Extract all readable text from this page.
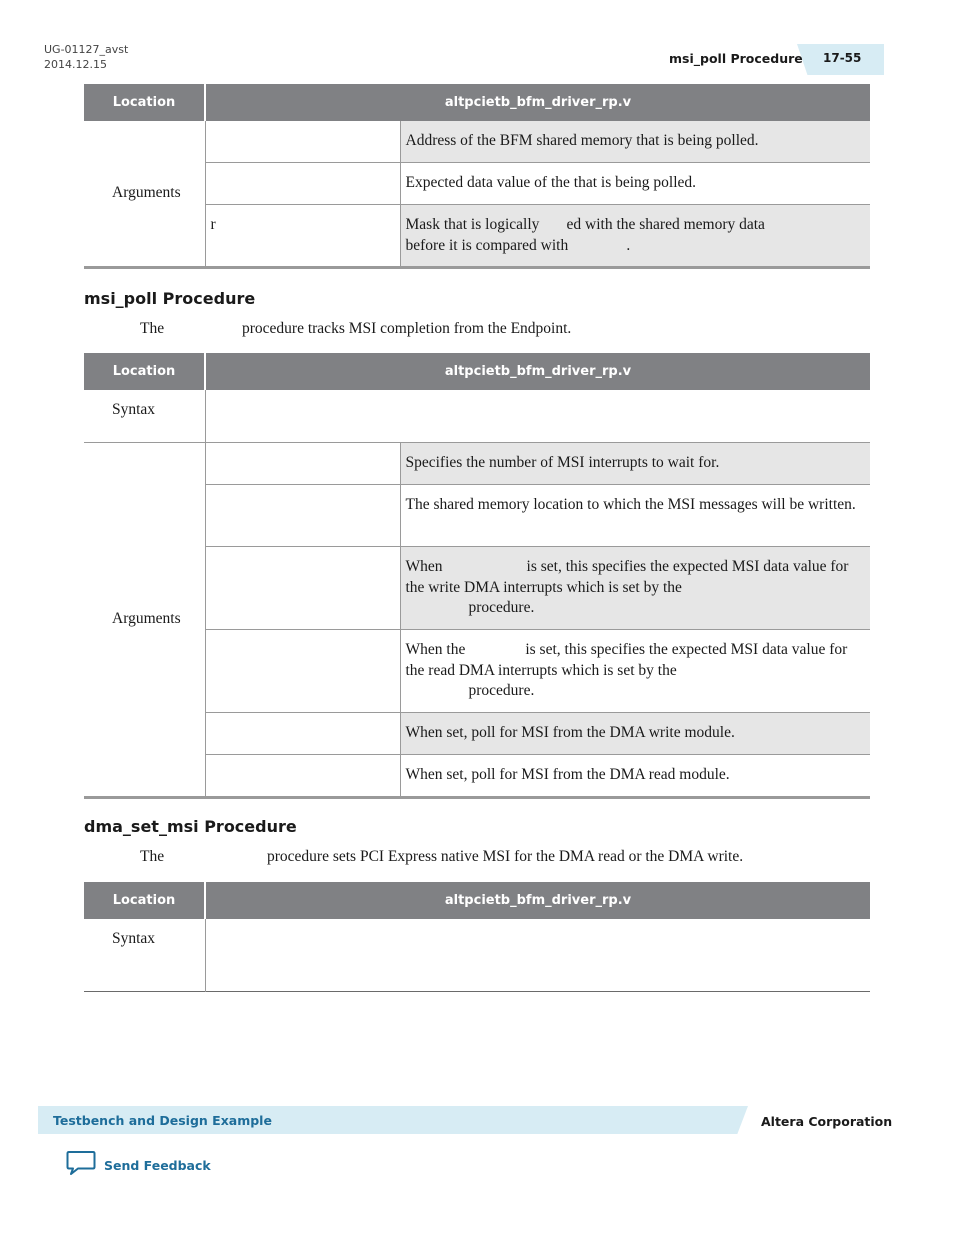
UG-01127_avst
2014.12.15	msi_poll Procedure 17-55
Location	altpcietb_bfm_driver_rp.v	
Arguments		Address of the BFM shared memory that is being polled.
		Expected data value of the that is being polled.
	r	Mask that is logically       ed with the shared memory data
before it is compared with               .
msi_poll Procedure
The	procedure tracks MSI completion from the Endpoint.
Location	altpcietb_bfm_driver_rp.v	
Syntax		
Arguments		Specifies the number of MSI interrupts to wait for.
		The shared memory location to which the MSI messages will be written.
		When is set, this specifies the expected MSI data value for the write DMA interrupts which is set by the
procedure.
		When the is set, this specifies the expected MSI data value for the read DMA interrupts which is set by the
procedure.
		When set, poll for MSI from the DMA write module.
		When set, poll for MSI from the DMA read module.
dma_set_msi Procedure
The	procedure sets PCI Express native MSI for the DMA read or the DMA write.
Location	altpcietb_bfm_driver_rp.v
Syntax	
Testbench and Design Example	Altera Corporation
Send Feedback
